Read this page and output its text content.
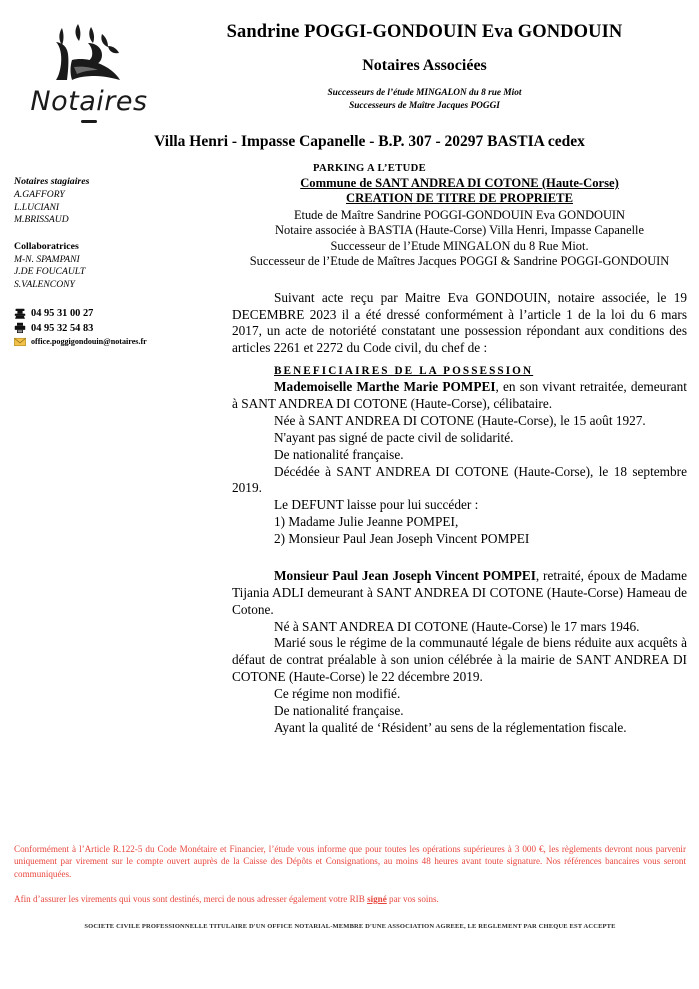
Notaires
Sandrine POGGI-GONDOUIN Eva GONDOUIN
Notaires Associées
Successeurs de l’étude MINGALON du 8 rue Miot
Successeurs de Maître Jacques POGGI
Villa Henri - Impasse Capanelle - B.P. 307 - 20297 BASTIA cedex
PARKING A L’ETUDE
Notaires stagiaires
A.GAFFORY
L.LUCIANI
M.BRISSAUD
Collaboratrices
M-N. SPAMPANI
J.DE FOUCAULT
S.VALENCONY
04 95 31 00 27
04 95 32 54 83
office.poggigondouin@notaires.fr
Commune de SANT ANDREA DI COTONE (Haute-Corse)
CREATION DE TITRE DE PROPRIETE
Etude de Maître Sandrine POGGI-GONDOUIN Eva GONDOUIN
Notaire associée à BASTIA (Haute-Corse) Villa Henri, Impasse Capanelle
Successeur de l’Etude MINGALON du 8 Rue Miot.
Successeur de l’Etude de Maîtres Jacques POGGI & Sandrine POGGI-GONDOUIN

Suivant acte reçu par Maitre Eva GONDOUIN, notaire associée, le 19 DECEMBRE 2023 il a été dressé conformément à l’article 1 de la loi du 6 mars 2017, un acte de notoriété constatant une possession répondant aux conditions des articles 2261 et 2272 du Code civil, du chef de :

BENEFICIAIRES DE LA POSSESSION

Mademoiselle Marthe Marie POMPEI, en son vivant retraitée, demeurant à SANT ANDREA DI COTONE (Haute-Corse), célibataire.

Née à SANT ANDREA DI COTONE (Haute-Corse), le 15 août 1927.

N'ayant pas signé de pacte civil de solidarité.

De nationalité française.

Décédée à SANT ANDREA DI COTONE (Haute-Corse), le 18 septembre 2019.

Le DEFUNT laisse pour lui succéder :

1) Madame Julie Jeanne POMPEI,

2) Monsieur Paul Jean Joseph Vincent POMPEI

Monsieur Paul Jean Joseph Vincent POMPEI, retraité, époux de Madame Tijania ADLI demeurant à SANT ANDREA DI COTONE (Haute-Corse) Hameau de Cotone.

Né à SANT ANDREA DI COTONE (Haute-Corse) le 17 mars 1946.

Marié sous le régime de la communauté légale de biens réduite aux acquêts à défaut de contrat préalable à son union célébrée à la mairie de SANT ANDREA DI COTONE (Haute-Corse) le 22 décembre 2019.

Ce régime non modifié.

De nationalité française.

Ayant la qualité de ‘Résident’ au sens de la réglementation fiscale.

Conformément à l’Article R.122-5 du Code Monétaire et Financier, l’étude vous informe que pour toutes les opérations supérieures à 3 000 €, les règlements devront nous parvenir uniquement par virement sur le compte ouvert auprès de la Caisse des Dépôts et Consignations, au moins 48 heures avant toute signature. Nos références bancaires vous seront communiquées.
Afin d’assurer les virements qui vous sont destinés, merci de nous adresser également votre RIB signé par vos soins.
SOCIETE CIVILE PROFESSIONNELLE TITULAIRE D'UN OFFICE NOTARIAL-MEMBRE D'UNE ASSOCIATION AGREEE, LE REGLEMENT PAR CHEQUE EST ACCEPTE
